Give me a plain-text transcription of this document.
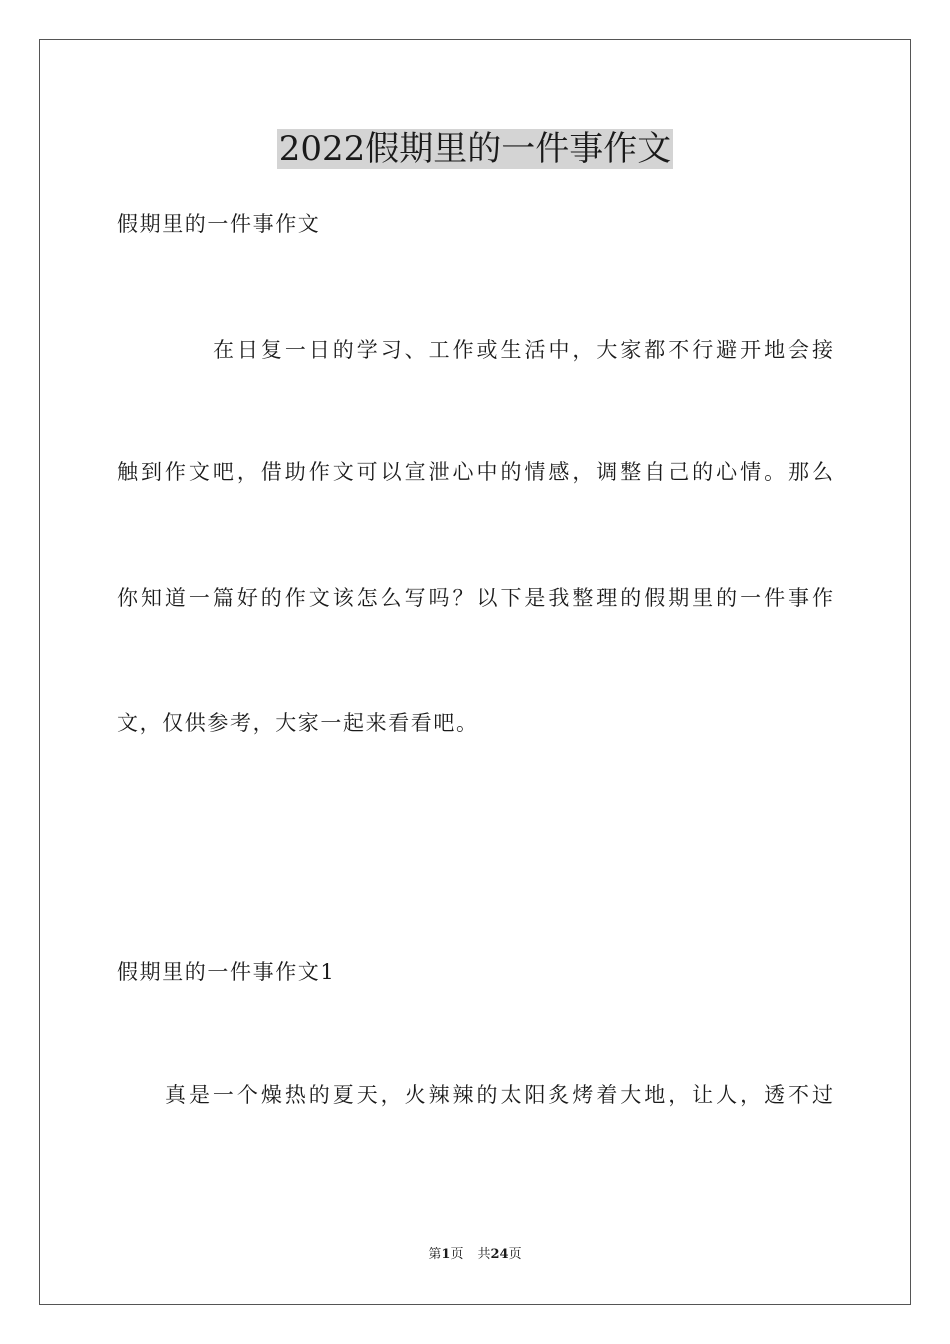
2022假期里的一件事作文

假期里的一件事作文

在日复一日的学习、工作或生活中，大家都不行避开地会接

触到作文吧，借助作文可以宣泄心中的情感，调整自己的心情。那么

你知道一篇好的作文该怎么写吗？以下是我整理的假期里的一件事作

文，仅供参考，大家一起来看看吧。

假期里的一件事作文1

真是一个燥热的夏天，火辣辣的太阳炙烤着大地，让人，透不过

第1页 共24页
